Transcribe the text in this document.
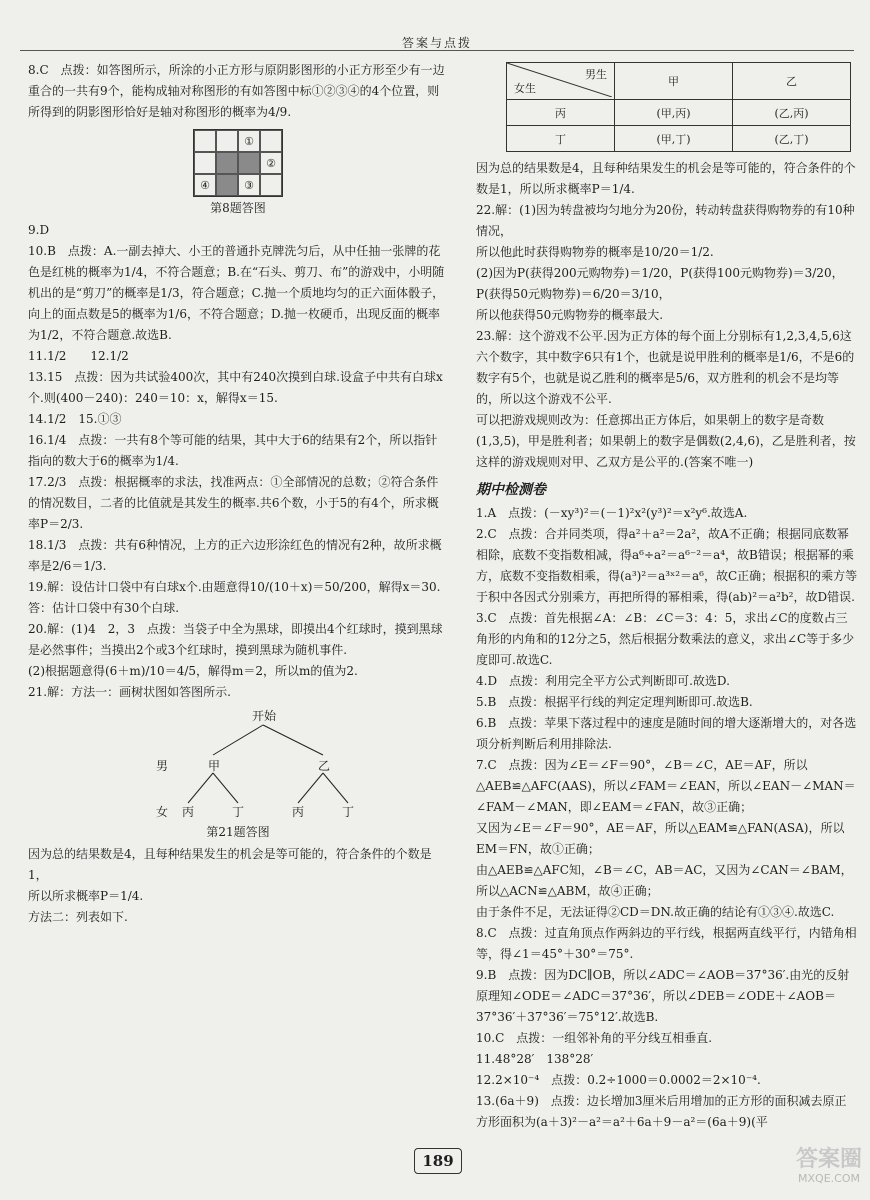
答案与点拨

8.C　点拨：如答图所示，所涂的小正方形与原阴影图形的小正方形至少有一边重合的一共有9个，能构成轴对称图形的有如答图中标①②③④的4个位置，则所得到的阴影图形恰好是轴对称图形的概率为4/9.

①
②
④	③
第8题答图

9.D

10.B　点拨：A.一副去掉大、小王的普通扑克牌洗匀后，从中任抽一张牌的花色是红桃的概率为1/4，不符合题意；B.在“石头、剪刀、布”的游戏中，小明随机出的是“剪刀”的概率是1/3，符合题意；C.抛一个质地均匀的正六面体骰子，向上的面点数是5的概率为1/6，不符合题意；D.抛一枚硬币，出现反面的概率为1/2，不符合题意.故选B.

11.1/2　　12.1/2

13.15　点拨：因为共试验400次，其中有240次摸到白球.设盒子中共有白球x个.则(400－240)：240＝10：x，解得x＝15.

14.1/2　15.①③

16.1/4　点拨：一共有8个等可能的结果，其中大于6的结果有2个，所以指针指向的数大于6的概率为1/4.

17.2/3　点拨：根据概率的求法，找准两点：①全部情况的总数；②符合条件的情况数目，二者的比值就是其发生的概率.共6个数，小于5的有4个，所求概率P＝2/3.

18.1/3　点拨：共有6种情况，上方的正六边形涂红色的情况有2种，故所求概率是2/6＝1/3.

19.解：设估计口袋中有白球x个.由题意得10/(10＋x)＝50/200，解得x＝30.答：估计口袋中有30个白球.

20.解：(1)4　2，3　点拨：当袋子中全为黑球，即摸出4个红球时，摸到黑球是必然事件；当摸出2个或3个红球时，摸到黑球为随机事件.

(2)根据题意得(6＋m)/10＝4/5，解得m＝2，所以m的值为2.

21.解：方法一：画树状图如答图所示.

开始
男	甲	乙
女 丙	丁	丙	丁
第21题答图

因为总的结果数是4，且每种结果发生的机会是等可能的，符合条件的个数是1，

所以所求概率P＝1/4.

方法二：列表如下.

男生
女生	甲	乙
丙	(甲,丙)	(乙,丙)
丁	(甲,丁)	(乙,丁)

因为总的结果数是4，且每种结果发生的机会是等可能的，符合条件的个数是1，所以所求概率P＝1/4.

22.解：(1)因为转盘被均匀地分为20份，转动转盘获得购物券的有10种情况，

所以他此时获得购物券的概率是10/20＝1/2.

(2)因为P(获得200元购物券)＝1/20，P(获得100元购物券)＝3/20，P(获得50元购物券)＝6/20＝3/10，

所以他获得50元购物券的概率最大.

23.解：这个游戏不公平.因为正方体的每个面上分别标有1,2,3,4,5,6这六个数字，其中数字6只有1个，也就是说甲胜利的概率是1/6，不是6的数字有5个，也就是说乙胜利的概率是5/6，双方胜利的机会不是均等的，所以这个游戏不公平.

可以把游戏规则改为：任意掷出正方体后，如果朝上的数字是奇数(1,3,5)，甲是胜利者；如果朝上的数字是偶数(2,4,6)，乙是胜利者，按这样的游戏规则对甲、乙双方是公平的.(答案不唯一)

期中检测卷

1.A　点拨：(－xy³)²＝(－1)²x²(y³)²＝x²y⁶.故选A.

2.C　点拨：合并同类项，得a²＋a²＝2a²，故A不正确；根据同底数幂相除，底数不变指数相减，得a⁶÷a²＝a⁶⁻²＝a⁴，故B错误；根据幂的乘方，底数不变指数相乘，得(a³)²＝a³ˣ²＝a⁶，故C正确；根据积的乘方等于积中各因式分别乘方，再把所得的幂相乘，得(ab)²＝a²b²，故D错误.

3.C　点拨：首先根据∠A：∠B：∠C＝3：4：5，求出∠C的度数占三角形的内角和的12分之5，然后根据分数乘法的意义，求出∠C等于多少度即可.故选C.

4.D　点拨：利用完全平方公式判断即可.故选D.

5.B　点拨：根据平行线的判定定理判断即可.故选B.

6.B　点拨：苹果下落过程中的速度是随时间的增大逐渐增大的，对各选项分析判断后利用排除法.

7.C　点拨：因为∠E＝∠F＝90°，∠B＝∠C，AE＝AF，所以△AEB≌△AFC(AAS)，所以∠FAM＝∠EAN，所以∠EAN－∠MAN＝∠FAM－∠MAN，即∠EAM＝∠FAN，故③正确；

又因为∠E＝∠F＝90°，AE＝AF，所以△EAM≌△FAN(ASA)，所以EM＝FN，故①正确；

由△AEB≌△AFC知，∠B＝∠C，AB＝AC，又因为∠CAN＝∠BAM，所以△ACN≌△ABM，故④正确；

由于条件不足，无法证得②CD＝DN.故正确的结论有①③④.故选C.

8.C　点拨：过直角顶点作两斜边的平行线，根据两直线平行，内错角相等，得∠1＝45°＋30°＝75°.

9.B　点拨：因为DC∥OB，所以∠ADC＝∠AOB＝37°36′.由光的反射原理知∠ODE＝∠ADC＝37°36′，所以∠DEB＝∠ODE＋∠AOB＝37°36′＋37°36′＝75°12′.故选B.

10.C　点拨：一组邻补角的平分线互相垂直.

11.48°28′　138°28′

12.2×10⁻⁴　点拨：0.2÷1000＝0.0002＝2×10⁻⁴.

13.(6a＋9)　点拨：边长增加3厘米后用增加的正方形的面积减去原正方形面积为(a＋3)²－a²＝a²＋6a＋9－a²＝(6a＋9)(平

189	答案圈
MXQE.COM
